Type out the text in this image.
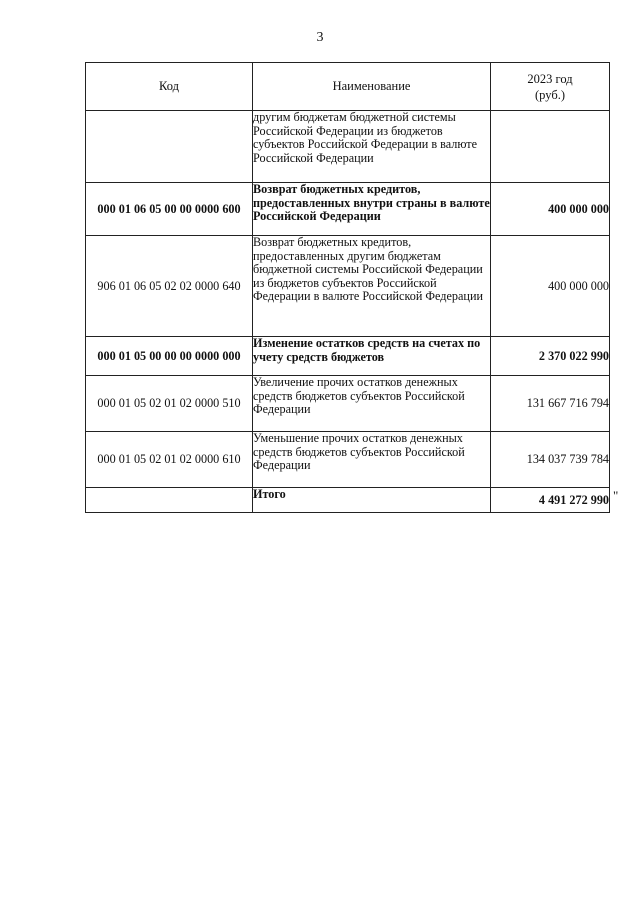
3
Код	Наименование	2023 год
(руб.)

	другим бюджетам бюджетной системы Российской Федерации из бюджетов субъектов Российской Федерации в валюте Российской Федерации	
000 01 06 05 00 00 0000 600	Возврат бюджетных кредитов, предоставленных внутри страны в валюте Российской Федерации	400 000 000
906 01 06 05 02 02 0000 640	Возврат бюджетных кредитов, предоставленных другим бюджетам бюджетной системы Российской Федерации из бюджетов субъектов Российской Федерации в валюте Российской Федерации	400 000 000
000 01 05 00 00 00 0000 000	Изменение остатков средств на счетах по учету средств бюджетов	2 370 022 990
000 01 05 02 01 02 0000 510	Увеличение прочих остатков денежных средств бюджетов субъектов Российской Федерации	131 667 716 794
000 01 05 02 01 02 0000 610	Уменьшение прочих остатков денежных средств бюджетов субъектов Российской Федерации	134 037 739 784
	Итого	4 491 272 990 "
